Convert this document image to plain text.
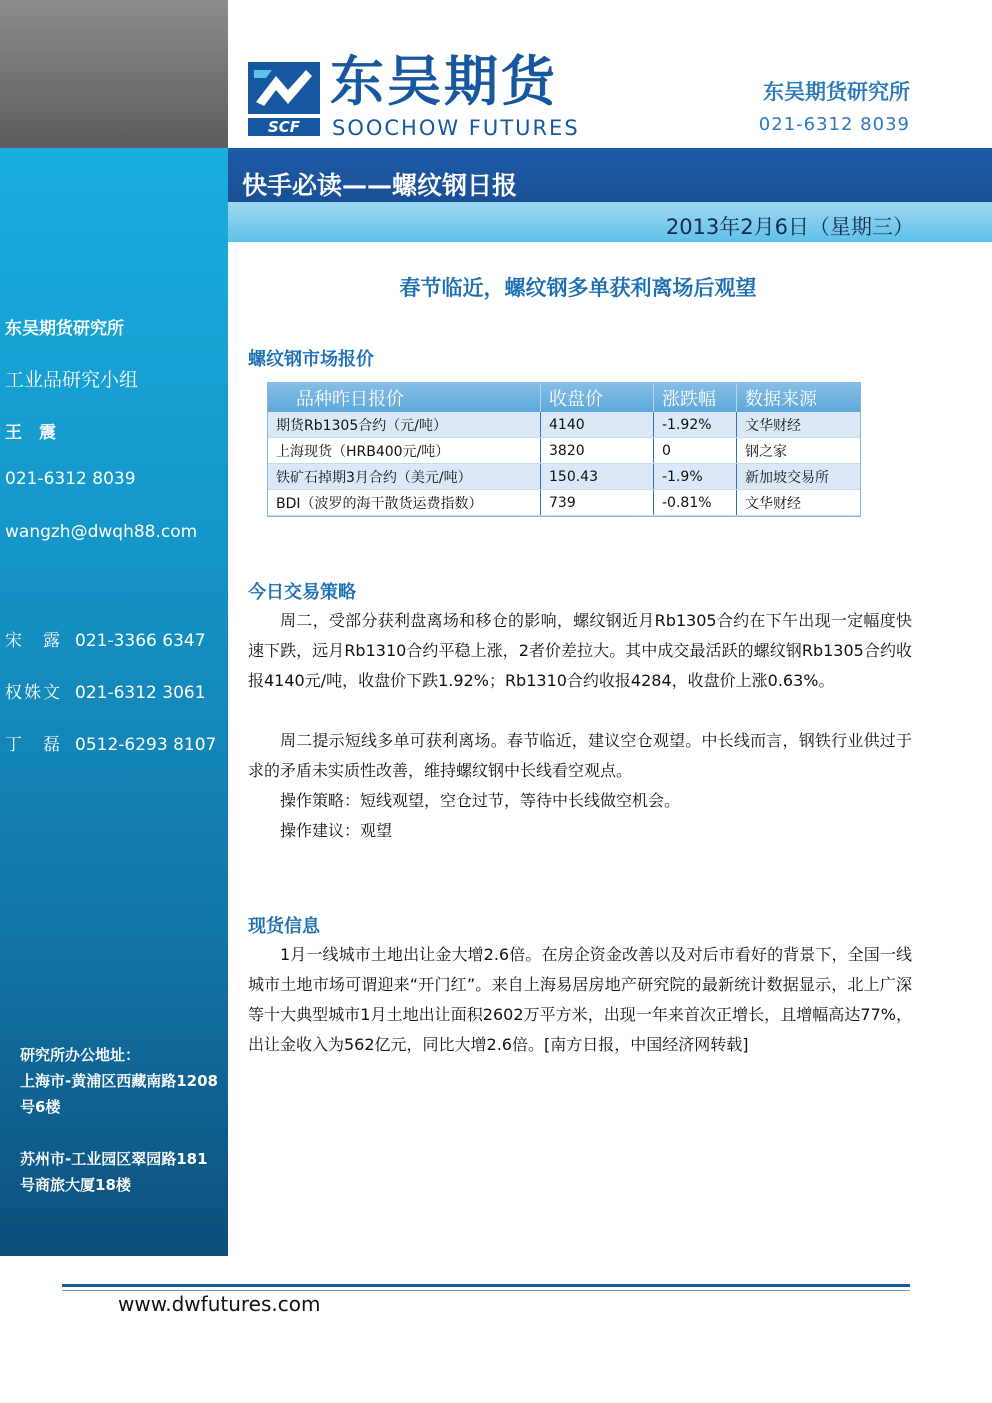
东吴期货研究所
工业品研究小组
王　震
021-6312 8039
wangzh@dwqh88.com
宋　露 021-3366 6347
权姝文 021-6312 3061
丁　磊 0512-6293 8107
研究所办公地址：
上海市-黄浦区西藏南路1208号6楼
苏州市-工业园区翠园路181号商旅大厦18楼
SCF
东吴期货
SOOCHOW FUTURES
东吴期货研究所
021-6312 8039
快手必读——螺纹钢日报
2013年2月6日（星期三）
春节临近，螺纹钢多单获利离场后观望
螺纹钢市场报价
品种昨日报价	收盘价	涨跌幅	数据来源
期货Rb1305合约（元/吨）	4140	-1.92%	文华财经
上海现货（HRB400元/吨）	3820	0	钢之家
铁矿石掉期3月合约（美元/吨）	150.43	-1.9%	新加坡交易所
BDI（波罗的海干散货运费指数）	739	-0.81%	文华财经
今日交易策略
周二，受部分获利盘离场和移仓的影响，螺纹钢近月Rb1305合约在下午出现一定幅度快速下跌，远月Rb1310合约平稳上涨，2者价差拉大。其中成交最活跃的螺纹钢Rb1305合约收报4140元/吨，收盘价下跌1.92%；Rb1310合约收报4284，收盘价上涨0.63%。
周二提示短线多单可获利离场。春节临近，建议空仓观望。中长线而言，钢铁行业供过于求的矛盾未实质性改善，维持螺纹钢中长线看空观点。
操作策略：短线观望，空仓过节，等待中长线做空机会。
操作建议：观望
现货信息
1月一线城市土地出让金大增2.6倍。在房企资金改善以及对后市看好的背景下，全国一线城市土地市场可谓迎来“开门红”。来自上海易居房地产研究院的最新统计数据显示，北上广深等十大典型城市1月土地出让面积2602万平方米，出现一年来首次正增长，且增幅高达77%，出让金收入为562亿元，同比大增2.6倍。[南方日报，中国经济网转载]
www.dwfutures.com
